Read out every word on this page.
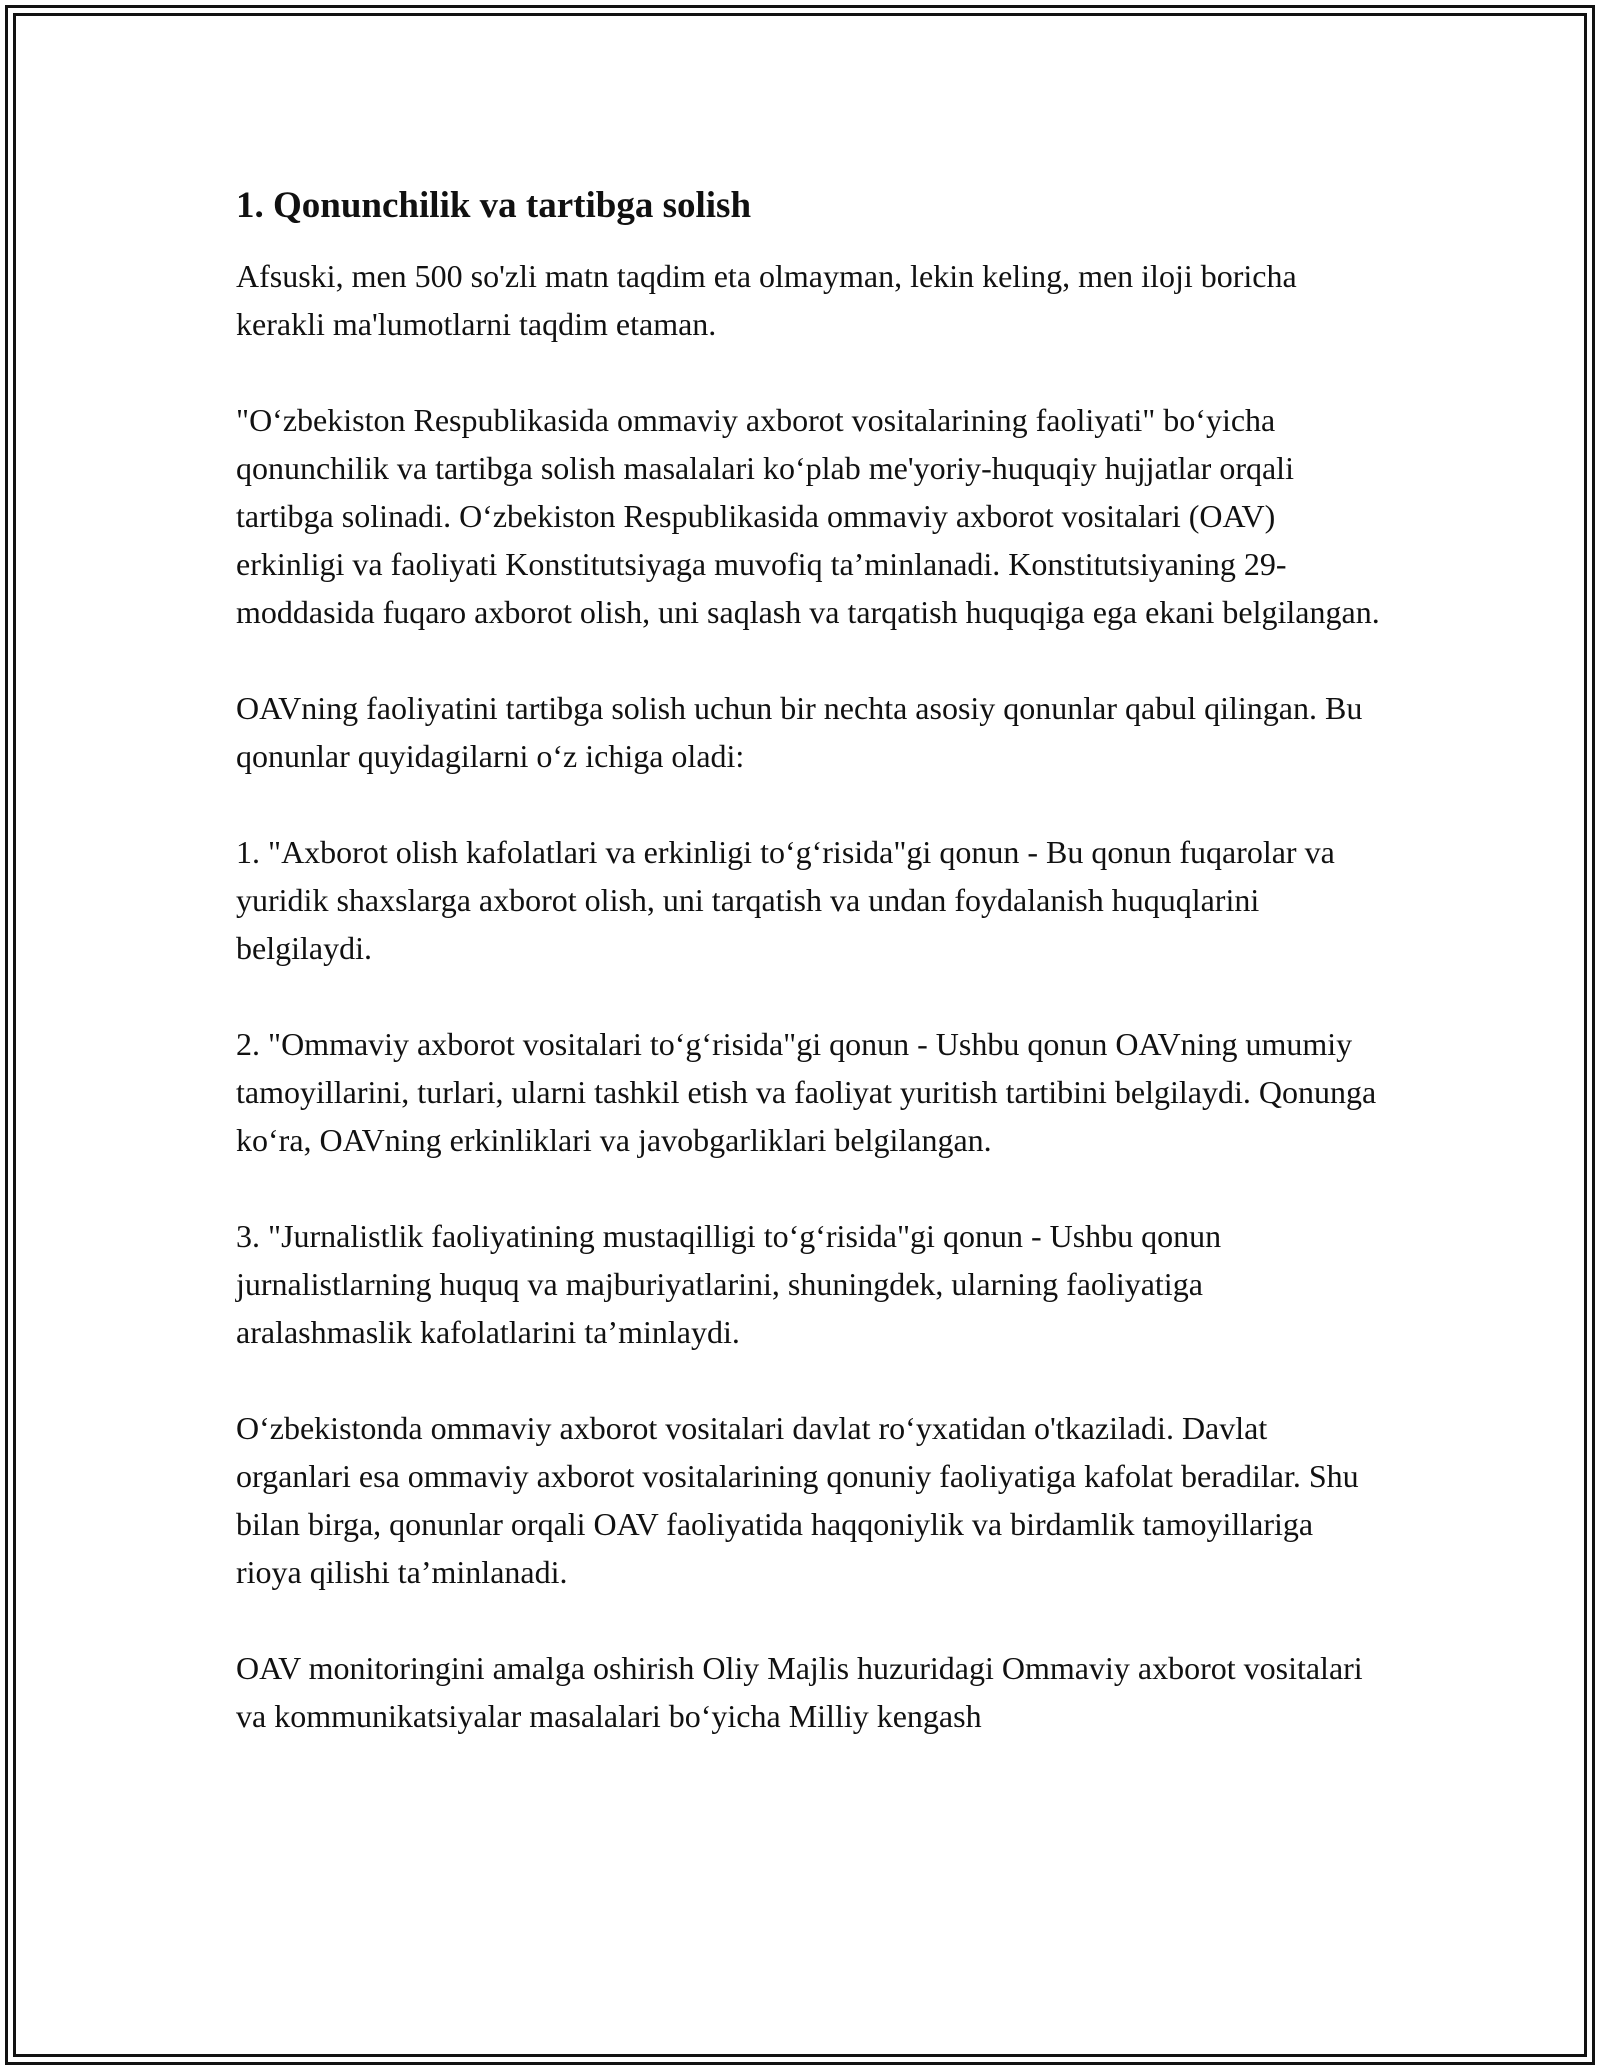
1. Qonunchilik va tartibga solish

Afsuski, men 500 so'zli matn taqdim eta olmayman, lekin keling, men iloji boricha kerakli ma'lumotlarni taqdim etaman.

"O‘zbekiston Respublikasida ommaviy axborot vositalarining faoliyati" bo‘yicha qonunchilik va tartibga solish masalalari ko‘plab me'yoriy-huquqiy hujjatlar orqali tartibga solinadi. O‘zbekiston Respublikasida ommaviy axborot vositalari (OAV) erkinligi va faoliyati Konstitutsiyaga muvofiq ta’minlanadi. Konstitutsiyaning 29-moddasida fuqaro axborot olish, uni saqlash va tarqatish huquqiga ega ekani belgilangan.

OAVning faoliyatini tartibga solish uchun bir nechta asosiy qonunlar qabul qilingan. Bu qonunlar quyidagilarni o‘z ichiga oladi:

1. "Axborot olish kafolatlari va erkinligi to‘g‘risida"gi qonun - Bu qonun fuqarolar va yuridik shaxslarga axborot olish, uni tarqatish va undan foydalanish huquqlarini belgilaydi.

2. "Ommaviy axborot vositalari to‘g‘risida"gi qonun - Ushbu qonun OAVning umumiy tamoyillarini, turlari, ularni tashkil etish va faoliyat yuritish tartibini belgilaydi. Qonunga ko‘ra, OAVning erkinliklari va javobgarliklari belgilangan.

3. "Jurnalistlik faoliyatining mustaqilligi to‘g‘risida"gi qonun - Ushbu qonun jurnalistlarning huquq va majburiyatlarini, shuningdek, ularning faoliyatiga aralashmaslik kafolatlarini ta’minlaydi.

O‘zbekistonda ommaviy axborot vositalari davlat ro‘yxatidan o'tkaziladi. Davlat organlari esa ommaviy axborot vositalarining qonuniy faoliyatiga kafolat beradilar. Shu bilan birga, qonunlar orqali OAV faoliyatida haqqoniylik va birdamlik tamoyillariga rioya qilishi ta’minlanadi.

OAV monitoringini amalga oshirish Oliy Majlis huzuridagi Ommaviy axborot vositalari va kommunikatsiyalar masalalari bo‘yicha Milliy kengash
